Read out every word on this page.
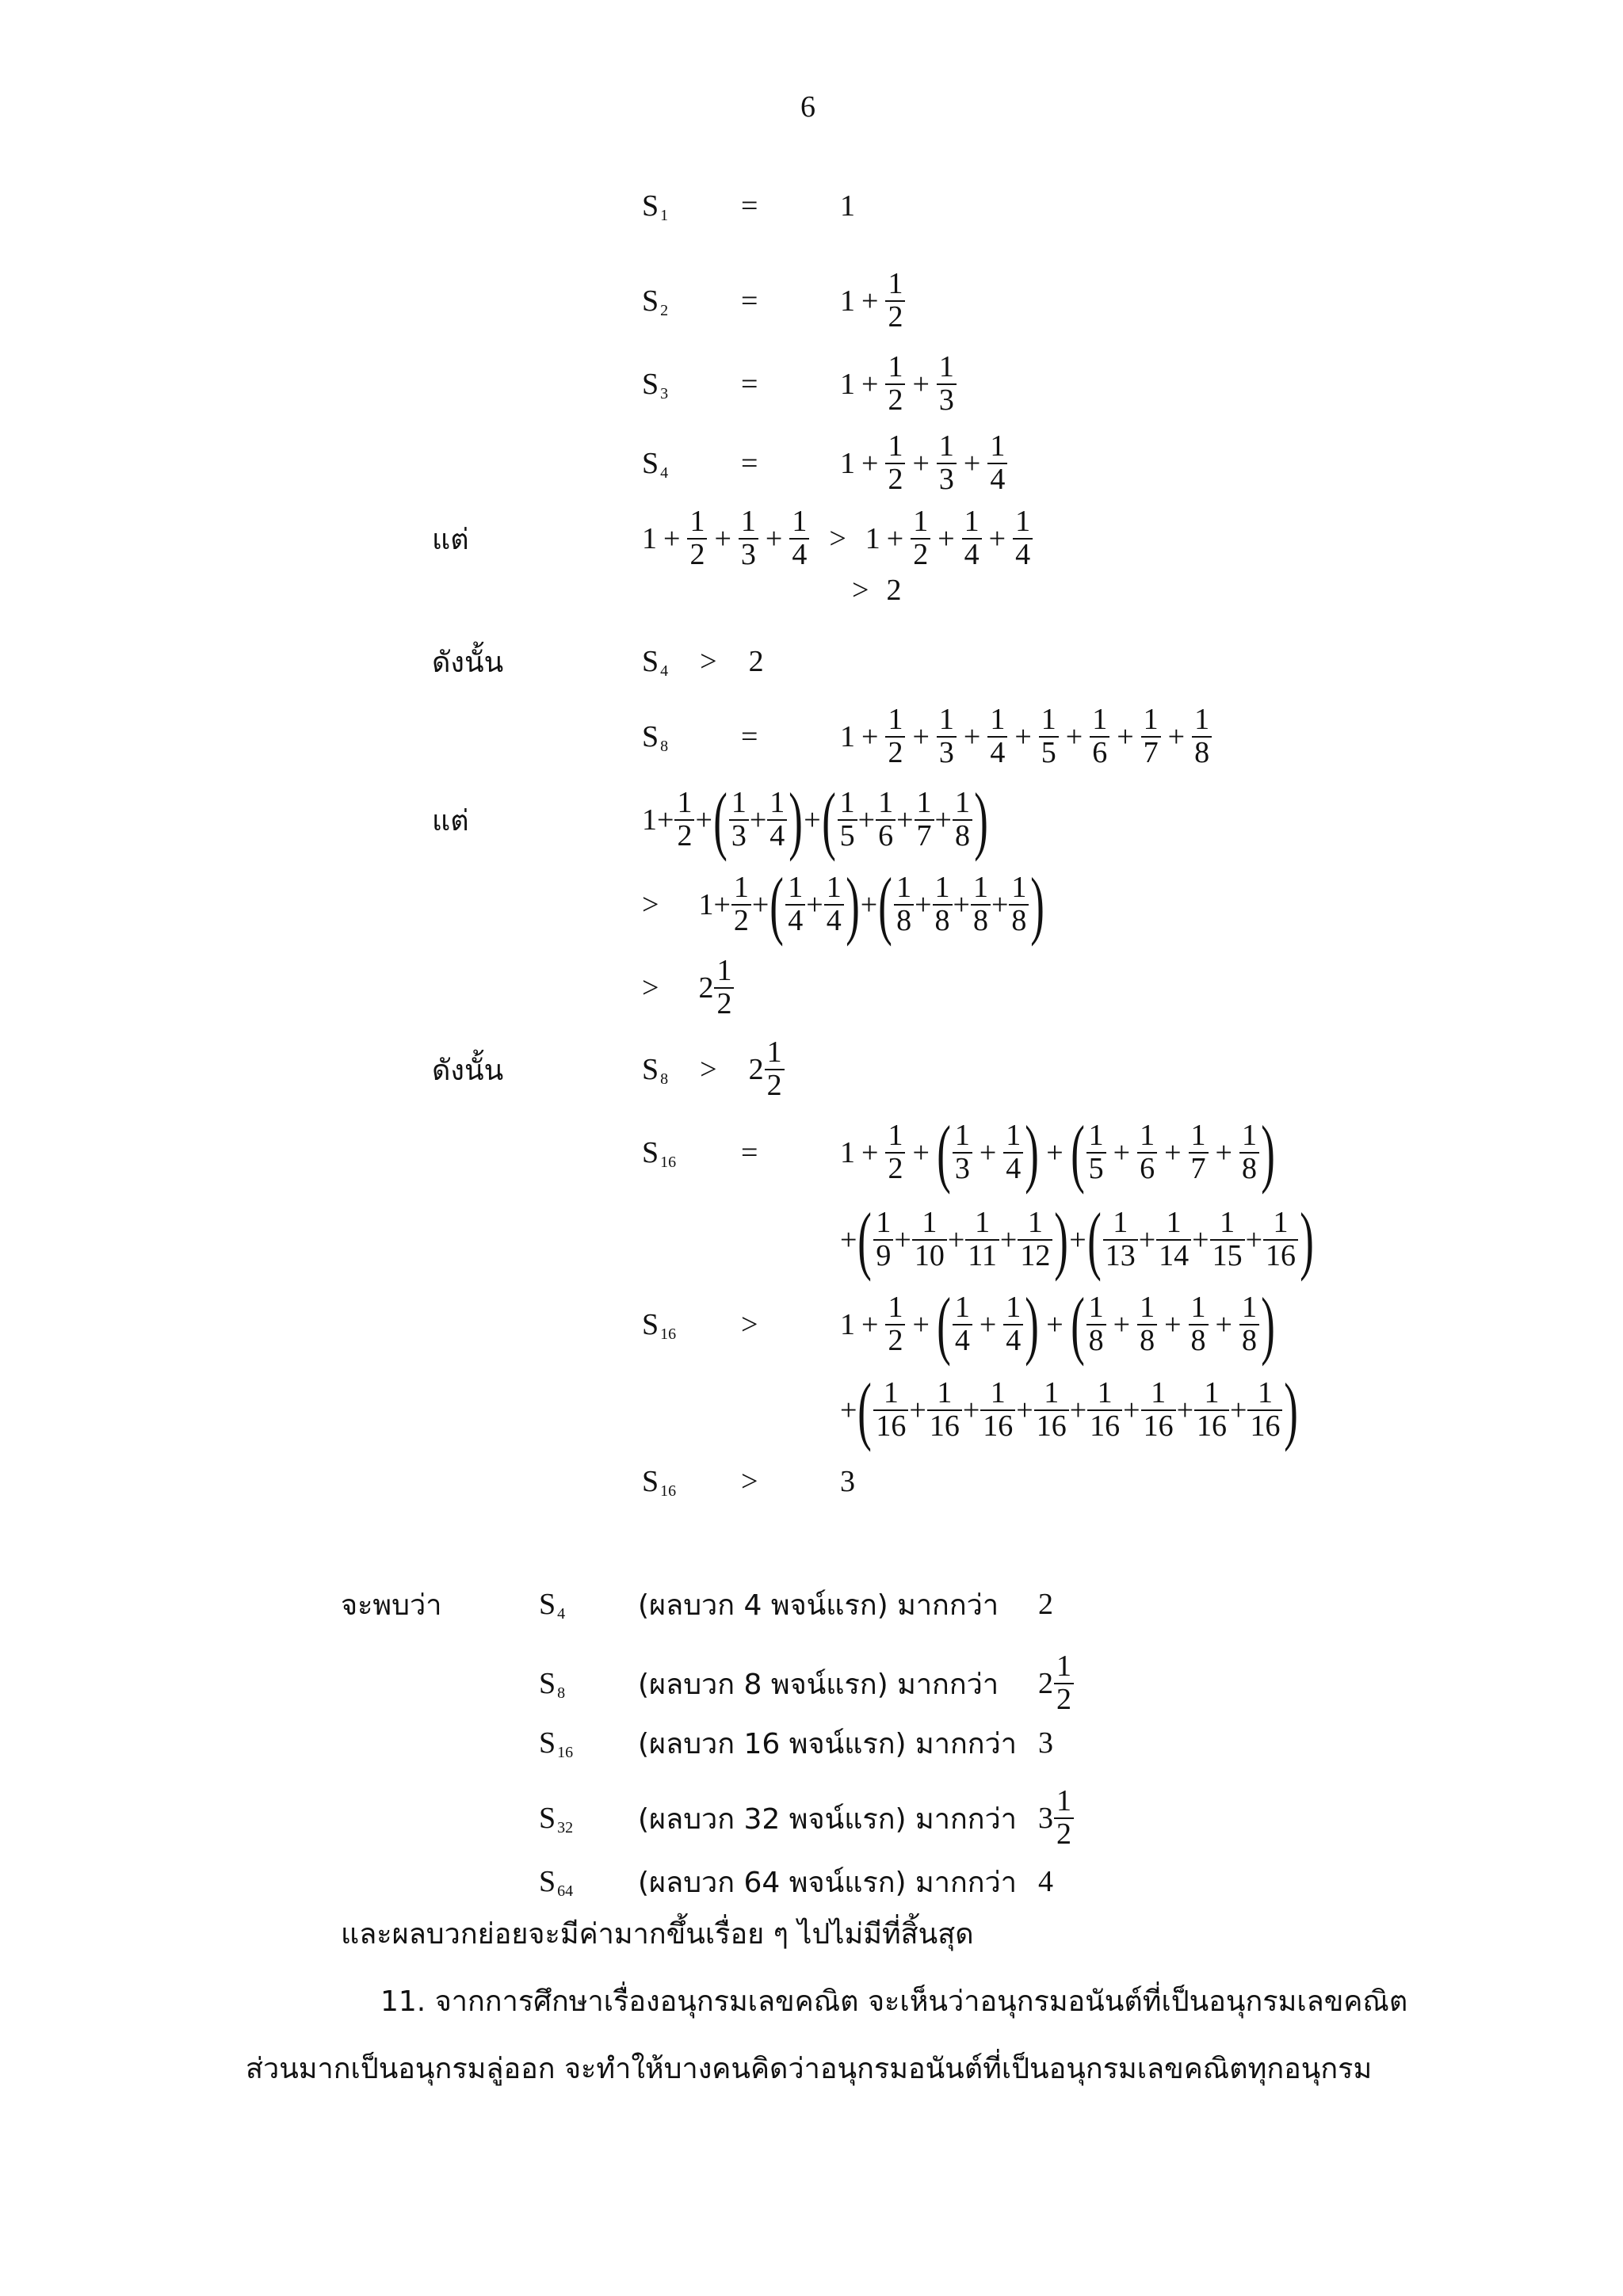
6
S 1 =	1
S 2 =	$1 + \frac{1}{2}$
S 3 =	$1 + \frac{1}{2} + \frac{1}{3}$
S 4 =	$1 + \frac{1}{2} + \frac{1}{3} + \frac{1}{4}$
แต่	$1 + \frac{1}{2} + \frac{1}{3} + \frac{1}{4} > 1 + \frac{1}{2} + \frac{1}{4} + \frac{1}{4}$
> 2
ดังนั้น	S 4 > 2
S 8 =	$1 + \frac{1}{2} + \frac{1}{3} + \frac{1}{4} + \frac{1}{5} + \frac{1}{6} + \frac{1}{7} + \frac{1}{8}$
แต่	$1 + \frac{1}{2}$ + ( $\frac{1}{3} + \frac{1}{4}$ ) + ( $\frac{1}{5} + \frac{1}{6} + \frac{1}{7} + \frac{1}{8}$ )
> $1 + \frac{1}{2}$ + ( $\frac{1}{4} + \frac{1}{4}$ ) + ( $\frac{1}{8} + \frac{1}{8} + \frac{1}{8} + \frac{1}{8}$ )
> $2 \frac{1}{2}$
ดังนั้น	S $8 > 2 \frac{1}{2}$
S 16 =	$1 + \frac{1}{2}$ + ( $\frac{1}{3} + \frac{1}{4}$ ) + ( $\frac{1}{5} + \frac{1}{6} + \frac{1}{7} + \frac{1}{8}$ )
+ ( $\frac{1}{9} + \frac{1}{10} + \frac{1}{11} + \frac{1}{12}$ ) + ( $\frac{1}{13} + \frac{1}{14} + \frac{1}{15} + \frac{1}{16}$ )
S 16 >	$1 + \frac{1}{2}$ + ( $\frac{1}{4} + \frac{1}{4}$ ) + ( $\frac{1}{8} + \frac{1}{8} + \frac{1}{8} + \frac{1}{8}$ )
+ ( $\frac{1}{16} + \frac{1}{16} + \frac{1}{16} + \frac{1}{16} + \frac{1}{16} + \frac{1}{16} + \frac{1}{16} + \frac{1}{16}$ )
S 16 >	3
จะพบว่า	S 4	(ผลบวก 4 พจน์แรก) มากกว่า 2
S 8	(ผลบวก 8 พจน์แรก) มากกว่า $2 \frac{1}{2}$
S 16 (ผลบวก 16 พจน์แรก) มากกว่า 3
S 32 (ผลบวก 32 พจน์แรก) มากกว่า $3 \frac{1}{2}$
S 64 (ผลบวก 64 พจน์แรก) มากกว่า 4
และผลบวกย่อยจะมีค่ามากขึ้นเรื่อย ๆ ไปไม่มีที่สิ้นสุด
11. จากการศึกษาเรื่องอนุกรมเลขคณิต จะเห็นว่าอนุกรมอนันต์ที่เป็นอนุกรมเลขคณิต
ส่วนมากเป็นอนุกรมลู่ออก จะทำให้บางคนคิดว่าอนุกรมอนันต์ที่เป็นอนุกรมเลขคณิตทุกอนุกรม
